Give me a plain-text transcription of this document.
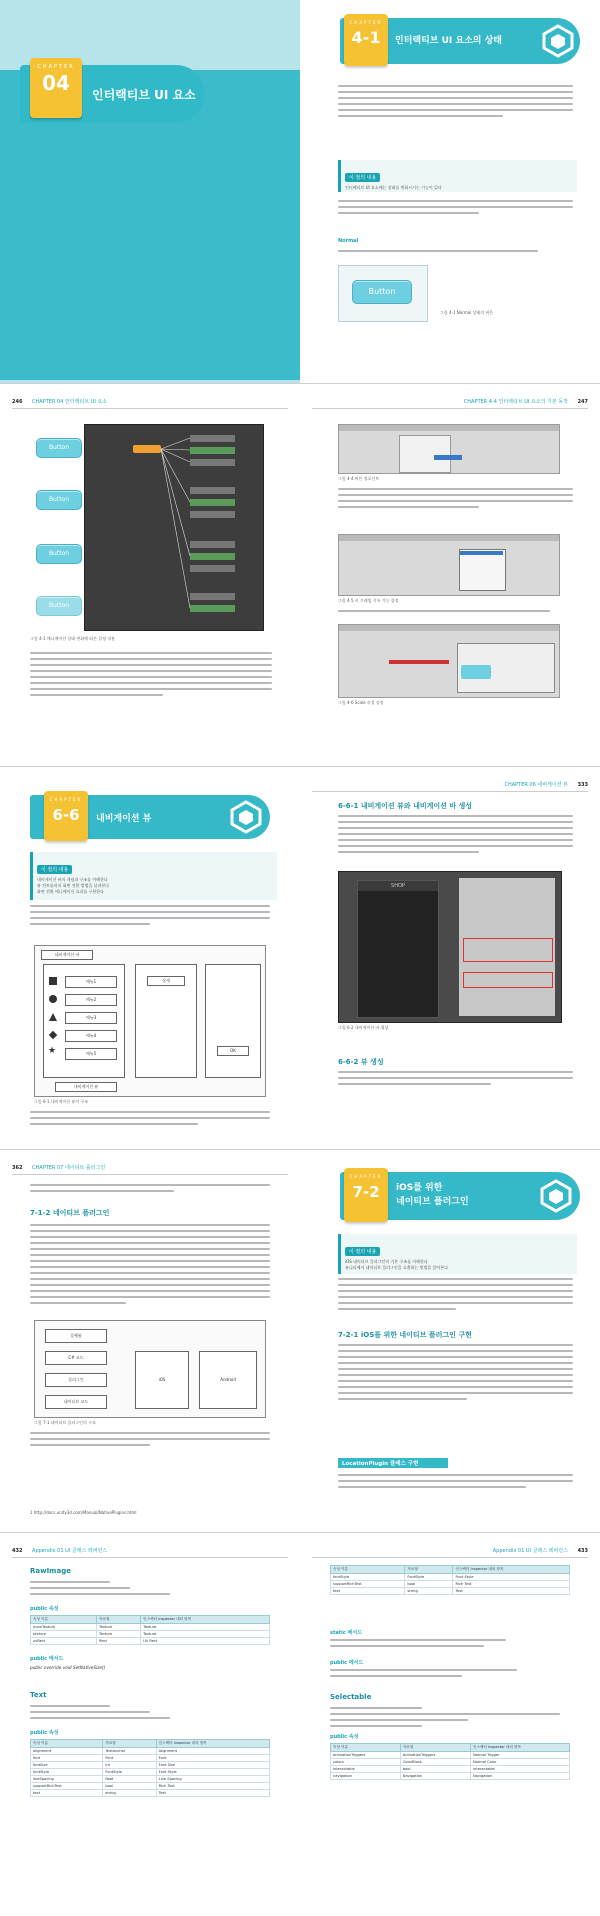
CHAPTER
04	인터랙티브 UI 요소
CHAPTER
4-1	인터랙티브 UI 요소의 상태
이 절의 내용
인터랙티브 UI 요소에는 상태를 변화시키는 기능이 있다
Normal
Button
그림 4-1 Normal 상태의 버튼
246 CHAPTER 04 인터랙티브 UI 요소
Button
Button
Button
Button
그림 4-1 애니메이션 상태 변화에 따른 설정 내용
CHAPTER 4-4 인터랙티브 UI 요소의 기본 동작 247
그림 4-4 버튼 컴포넌트
그림 4-5 키 프레임 기록 기능 설정
그림 4-6 Scale 속성 설정
CHAPTER
6-6	내비게이션 뷰
이 절의 내용
내비게이션 뷰의 개념과 구조를 이해한다
뷰 컨트롤러의 화면 전환 방법을 살펴본다
화면 전환 애니메이션 효과를 구현한다
네비게이션 바
메뉴1
메뉴2
메뉴3
메뉴4
메뉴5
★
상세
OK
내비게이션 뷰
그림 6-1 내비게이션 뷰의 구조
CHAPTER 06 네비게이션 뷰 333
6-6-1 내비게이션 뷰와 내비게이션 바 생성
SHOP
그림 6-2 내비게이션 바 생성
6-6-2 뷰 생성
362 CHAPTER 07 네이티브 플러그인
7-1-2 네이티브 플러그인
플랫폼
C# 코드
플러그인
네이티브 코드
iOS	Android
그림 7-1 네이티브 플러그인의 구조
1 http://docs.unity3d.com/Manual/NativePlugins.html
CHAPTER
7-2	iOS를 위한
네이티브 플러그인
이 절의 내용
iOS 네이티브 플러그인의 기본 구조를 이해한다
유니티에서 네이티브 플러그인을 호출하는 방법을 알아본다
7-2-1 iOS를 위한 네이티브 플러그인 구현
LocationPlugin 클래스 구현
432 Appendix 01 UI 클래스 레퍼런스
RawImage
public 속성
속성 이름	자료형	인스펙터 Inspector 내의 항목
mainTexture	Texture	Texture
texture	Texture	Texture
uvRect	Rect	UV Rect
public 메서드
public override void SetNativeSize()
Text
public 속성
속성 이름	자료형	인스펙터 Inspector 내의 항목
alignment	TextAnchor	Alignment
font	Font	Font
fontSize	int	Font Size
fontStyle	FontStyle	Font Style
lineSpacing	float	Line Spacing
supportRichText	bool	Rich Text
text	string	Text
Appendix 01 UI 클래스 레퍼런스 433
속성 이름	자료형	인스펙터 Inspector 내의 항목
fontStyle	FontStyle	Font Style
supportRichText	bool	Rich Text
text	string	Text
static 메서드
public 메서드
Selectable
public 속성
속성 이름	자료형	인스펙터 Inspector 내의 항목
animationTriggers	AnimationTriggers	Normal Trigger
colors	ColorBlock	Normal Color
interactable	bool	Interactable
navigation	Navigation	Navigation
